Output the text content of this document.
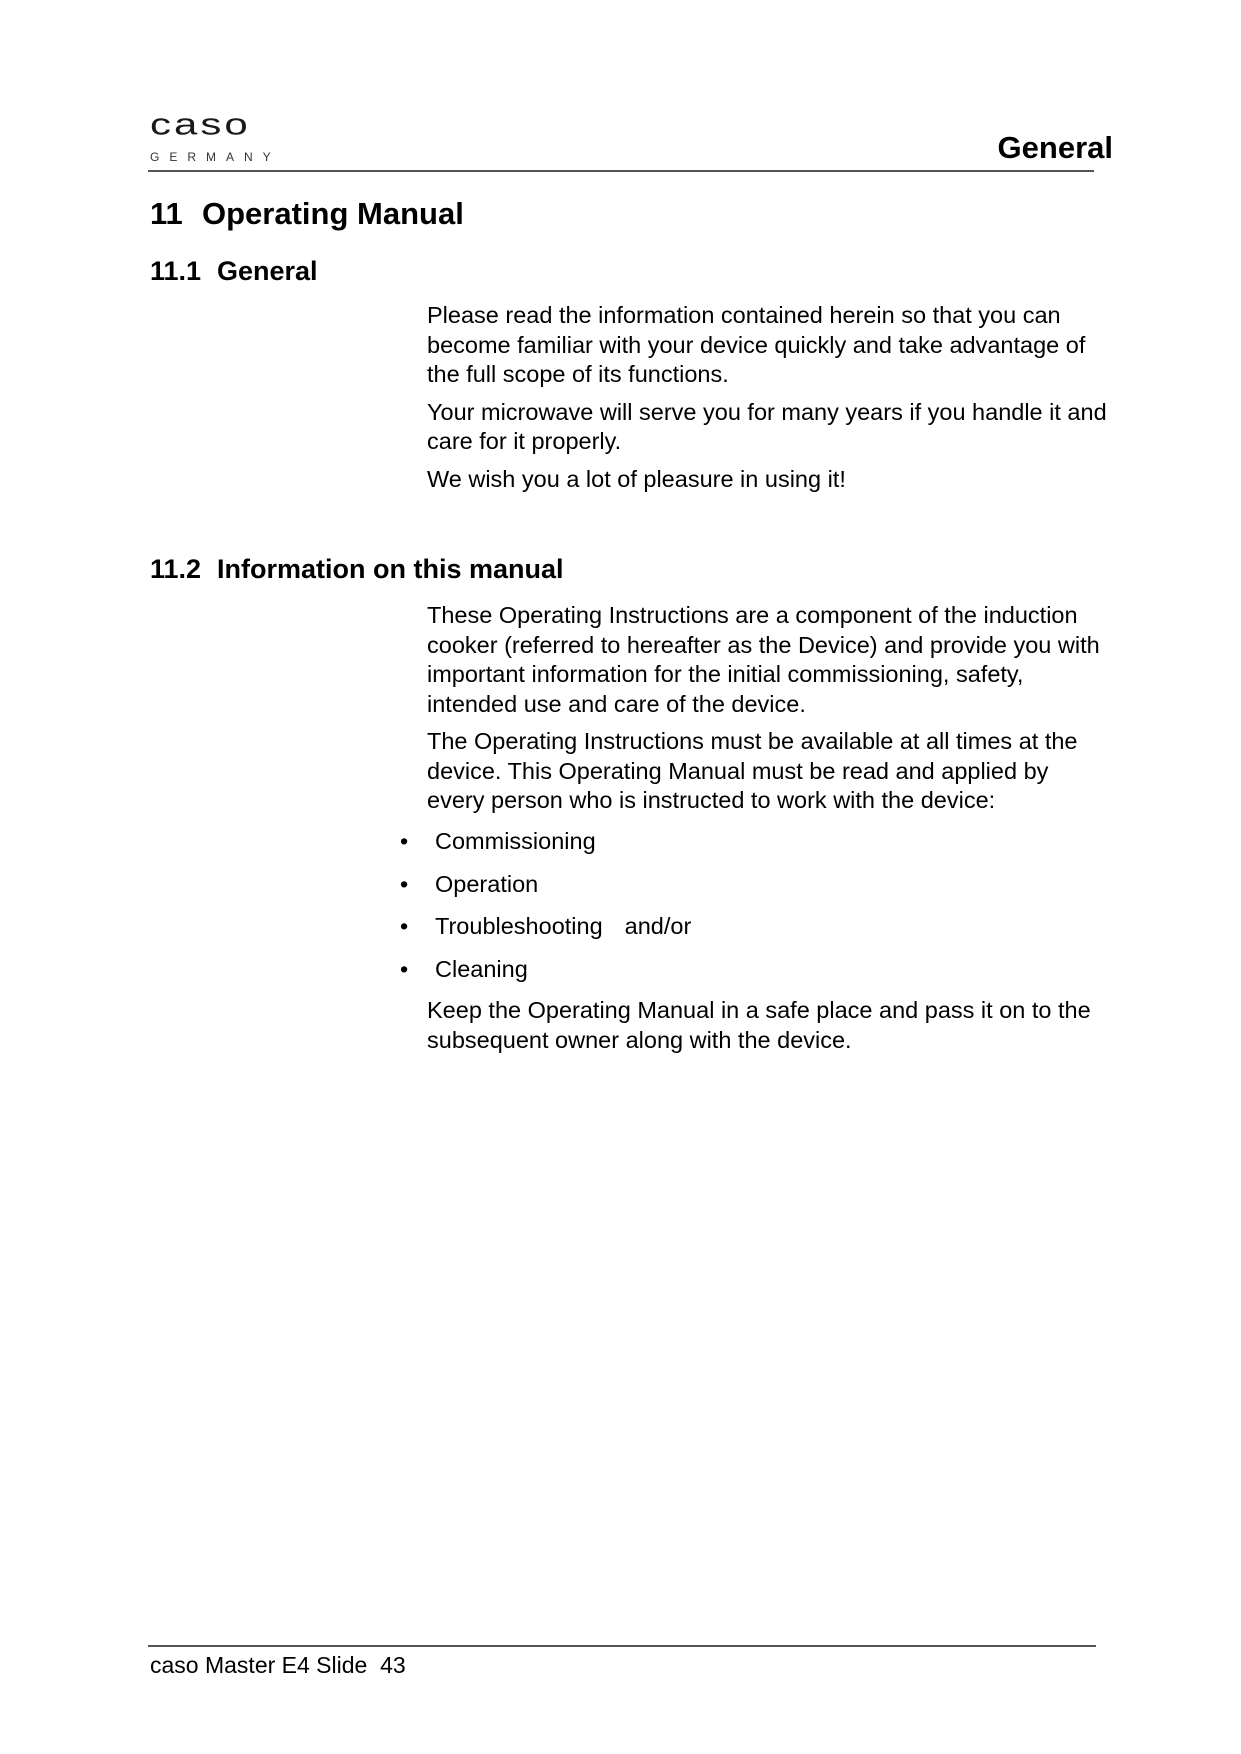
caso
GERMANY	General
11 Operating Manual
11.1 General

Please read the information contained herein so that you can become familiar with your device quickly and take advantage of the full scope of its functions.

Your microwave will serve you for many years if you handle it and care for it properly.

We wish you a lot of pleasure in using it!

11.2 Information on this manual

These Operating Instructions are a component of the induction cooker (referred to hereafter as the Device) and provide you with important information for the initial commissioning, safety, intended use and care of the device.

The Operating Instructions must be available at all times at the device. This Operating Manual must be read and applied by every person who is instructed to work with the device:

• Commissioning
• Operation
• Troubleshooting and/or
• Cleaning

Keep the Operating Manual in a safe place and pass it on to the subsequent owner along with the device.

caso Master E4 Slide 43
